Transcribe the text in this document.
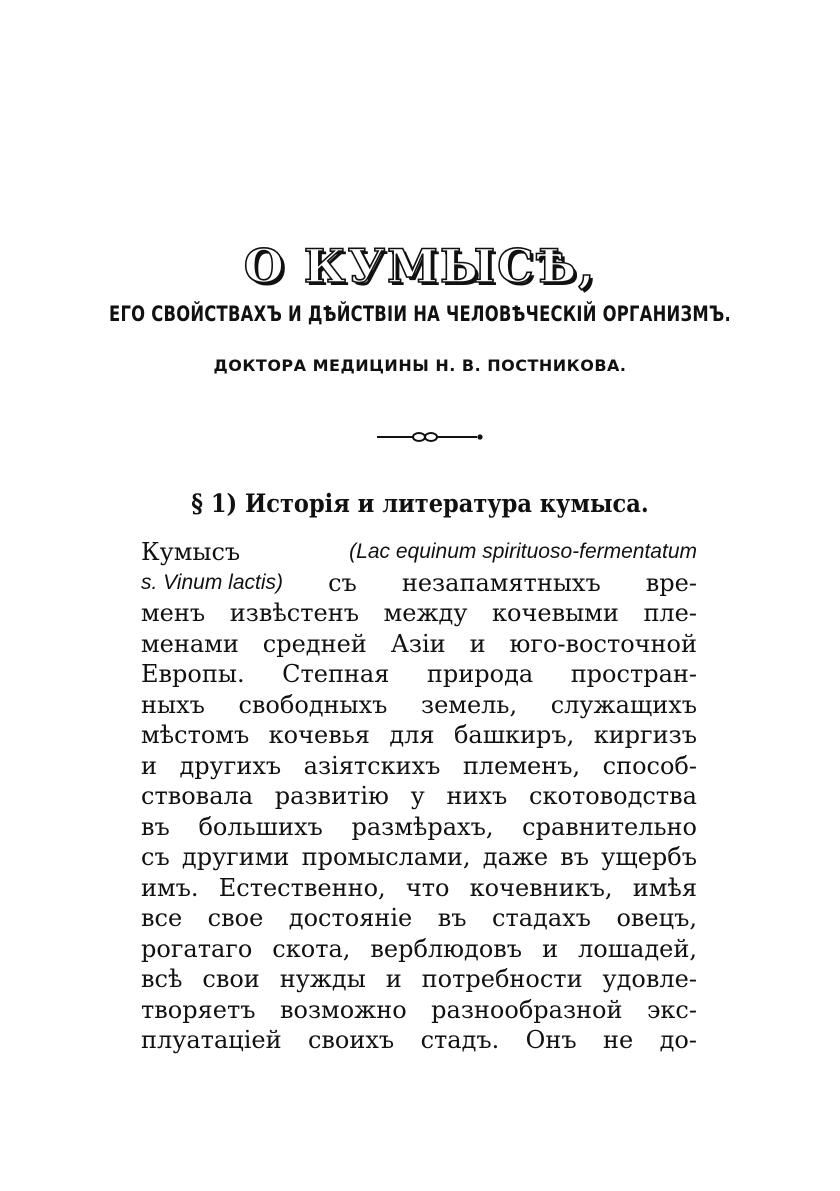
О КУМЫСѢ,
ЕГО СВОЙСТВАХЪ И ДѢЙСТВІИ НА ЧЕЛОВѢЧЕСКІЙ ОРГАНИЗМЪ.
ДОКТОРА МЕДИЦИНЫ Н. В. ПОСТНИКОВА.
§ 1) Исторія и литература кумыса.
Кумысъ	(Lac equinum spirituoso-fermentatum
s. Vinum lactis) съ незапамятныхъ вре-
менъ извѣстенъ между кочевыми пле-
менами средней Азіи и юго-восточной
Европы. Степная природа простран-
ныхъ свободныхъ земель, служащихъ
мѣстомъ кочевья для башкиръ, киргизъ
и другихъ азіятскихъ племенъ, способ-
ствовала развитію у нихъ скотоводства
въ большихъ размѣрахъ, сравнительно
съ другими промыслами, даже въ ущербъ
имъ. Естественно, что кочевникъ, имѣя
все свое достояніе въ стадахъ овецъ,
рогатаго скота, верблюдовъ и лошадей,
всѣ свои нужды и потребности удовле-
творяетъ возможно разнообразной экс-
плуатаціей своихъ стадъ. Онъ не до-
